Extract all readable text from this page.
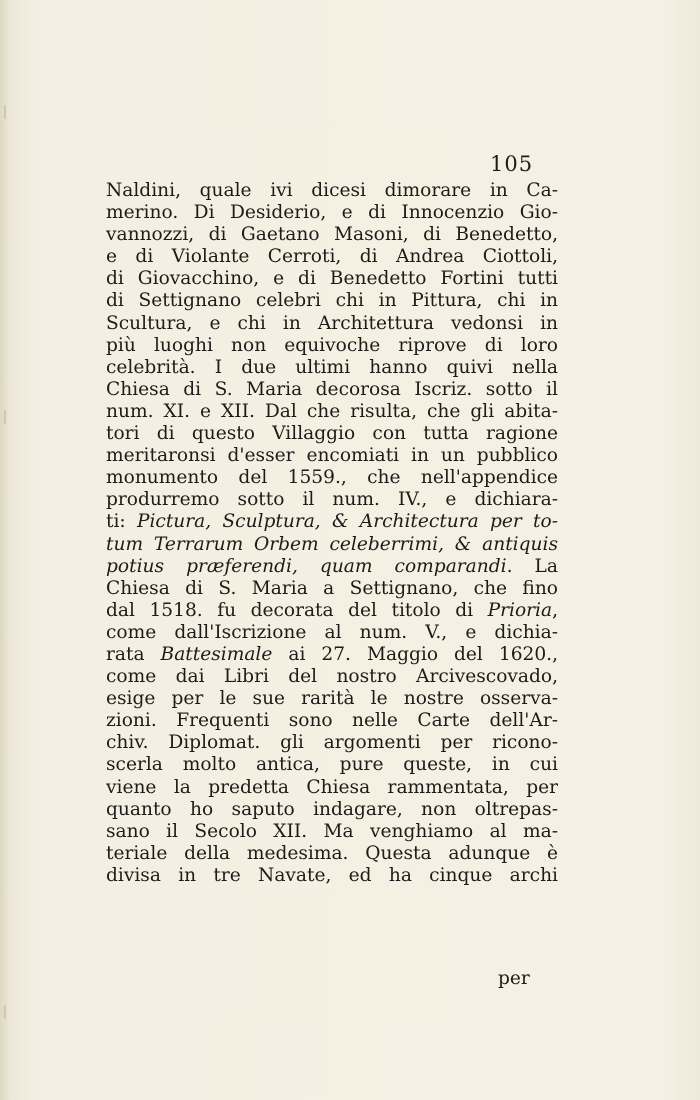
105
Naldini, quale ivi dicesi dimorare in Ca-
merino. Di Desiderio, e di Innocenzio Gio-
vannozzi, di Gaetano Masoni, di Benedetto,
e di Violante Cerroti, di Andrea Ciottoli,
di Giovacchino, e di Benedetto Fortini tutti
di Settignano celebri chi in Pittura, chi in
Scultura, e chi in Architettura vedonsi in
più luoghi non equivoche riprove di loro
celebrità. I due ultimi hanno quivi nella
Chiesa di S. Maria decorosa Iscriz. sotto il
num. XI. e XII. Dal che risulta, che gli abita-
tori di questo Villaggio con tutta ragione
meritaronsi d'esser encomiati in un pubblico
monumento del 1559., che nell'appendice
produrremo sotto il num. IV., e dichiara-
ti: Pictura, Sculptura, & Architectura per to-
tum Terrarum Orbem celeberrimi, & antiquis
potius præferendi, quam comparandi. La
Chiesa di S. Maria a Settignano, che fino
dal 1518. fu decorata del titolo di Prioria,
come dall'Iscrizione al num. V., e dichia-
rata Battesimale ai 27. Maggio del 1620.,
come dai Libri del nostro Arcivescovado,
esige per le sue rarità le nostre osserva-
zioni. Frequenti sono nelle Carte dell'Ar-
chiv. Diplomat. gli argomenti per ricono-
scerla molto antica, pure queste, in cui
viene la predetta Chiesa rammentata, per
quanto ho saputo indagare, non oltrepas-
sano il Secolo XII. Ma venghiamo al ma-
teriale della medesima. Questa adunque è
divisa in tre Navate, ed ha cinque archi
per
